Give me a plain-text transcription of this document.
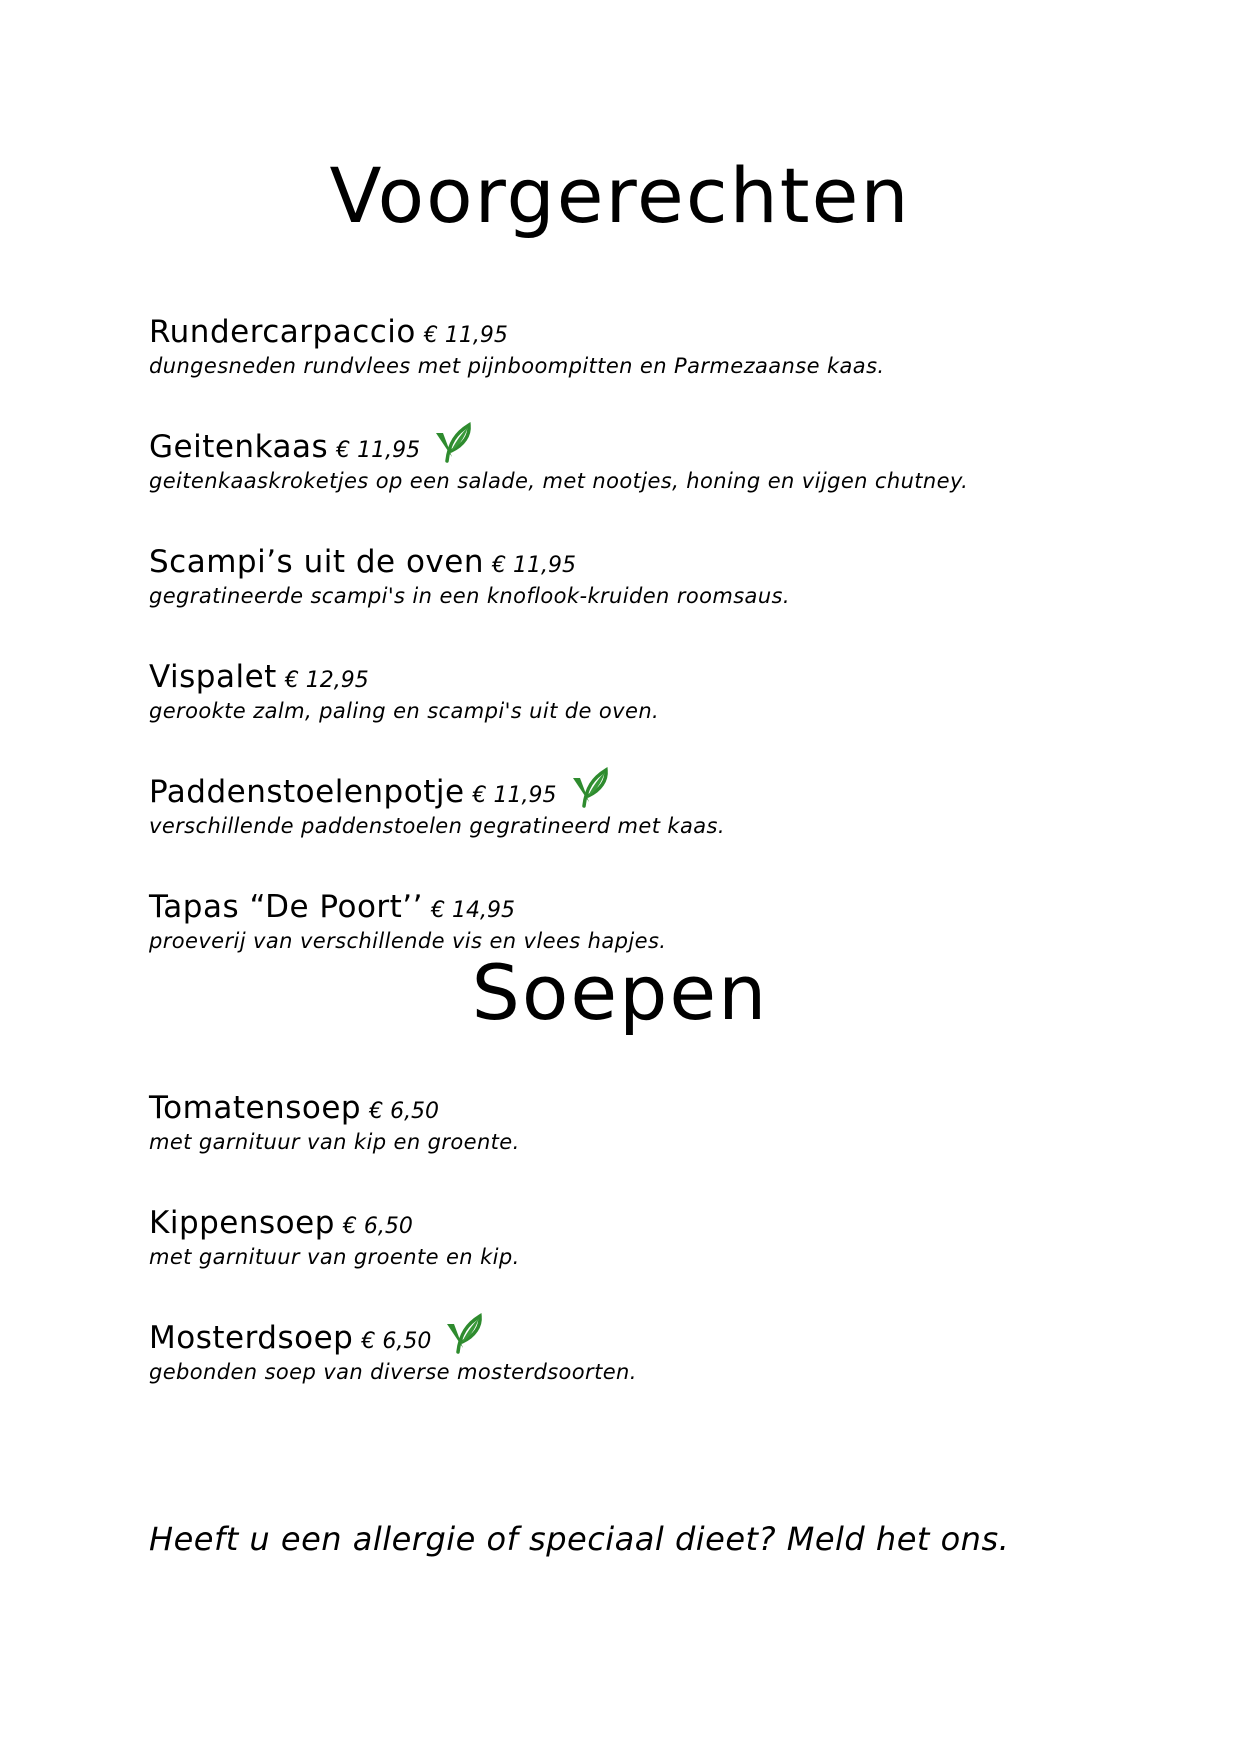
Voorgerechten
Rundercarpaccio € 11,95
dungesneden rundvlees met pijnboompitten en Parmezaanse kaas.
Geitenkaas € 11,95
geitenkaaskroketjes op een salade, met nootjes, honing en vijgen chutney.
Scampi’s uit de oven € 11,95
gegratineerde scampi's in een knoflook-kruiden roomsaus.
Vispalet € 12,95
gerookte zalm, paling en scampi's uit de oven.
Paddenstoelenpotje € 11,95
verschillende paddenstoelen gegratineerd met kaas.
Tapas “De Poort’’ € 14,95
proeverij van verschillende vis en vlees hapjes.
Soepen
Tomatensoep € 6,50
met garnituur van kip en groente.
Kippensoep € 6,50
met garnituur van groente en kip.
Mosterdsoep € 6,50
gebonden soep van diverse mosterdsoorten.

Heeft u een allergie of speciaal dieet? Meld het ons.
